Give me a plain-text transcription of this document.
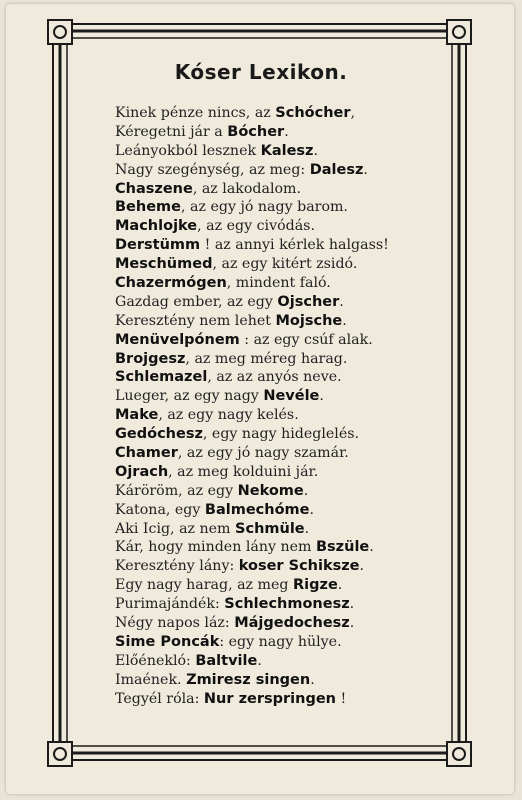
Kóser Lexikon.
Kinek pénze nincs, az Schócher,
Kéregetni jár a Bócher.
Leányokból lesznek Kalesz.
Nagy szegénység, az meg: Dalesz.
Chaszene, az lakodalom.
Beheme, az egy jó nagy barom.
Machlojke, az egy civódás.
Derstümm ! az annyi kérlek halgass!
Meschümed, az egy kitért zsidó.
Chazermógen, mindent faló.
Gazdag ember, az egy Ojscher.
Keresztény nem lehet Mojsche.
Menüvelpónem : az egy csúf alak.
Brojgesz, az meg méreg harag.
Schlemazel, az az anyós neve.
Lueger, az egy nagy Nevéle.
Make, az egy nagy kelés.
Gedóchesz, egy nagy hideglelés.
Chamer, az egy jó nagy szamár.
Ojrach, az meg kolduini jár.
Káröröm, az egy Nekome.
Katona, egy Balmechóme.
Aki Icig, az nem Schmüle.
Kár, hogy minden lány nem Bszüle.
Keresztény lány: koser Schiksze.
Egy nagy harag, az meg Rigze.
Purimajándék: Schlechmonesz.
Négy napos láz: Májgedochesz.
Sime Poncák: egy nagy hülye.
Előénekló: Baltvile.
Imaének. Zmiresz singen.
Tegyél róla: Nur zerspringen !
